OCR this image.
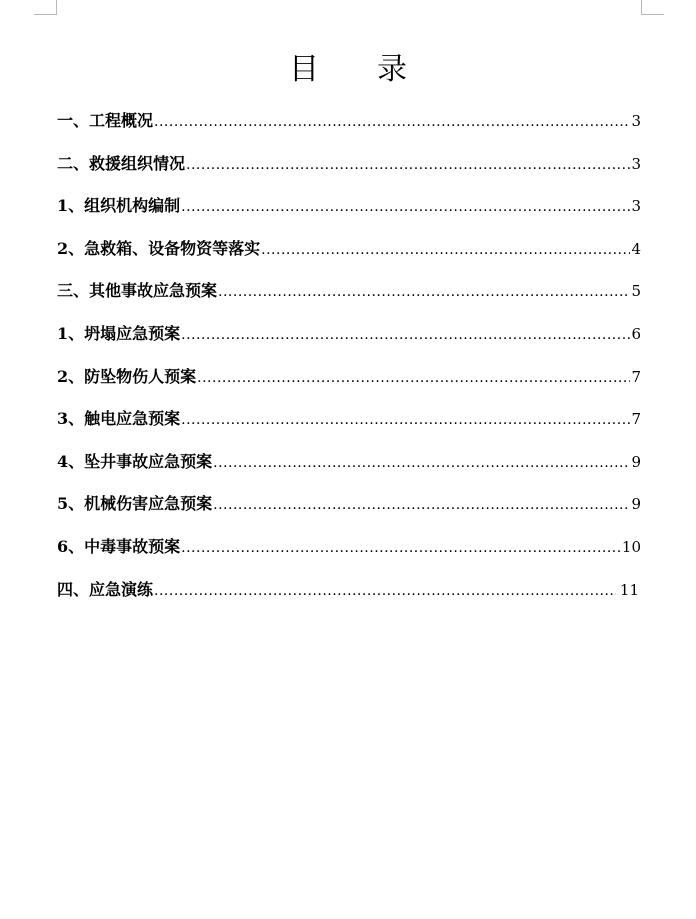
目录
一、工程概况 .....	3
二、救援组织情况 .....	3
1、组织机构编制 .....	3
2、急救箱、设备物资等落实 .....	4
三、其他事故应急预案 .....	5
1、坍塌应急预案 .....	6
2、防坠物伤人预案 .....	7
3、触电应急预案 .....	7
4、坠井事故应急预案 .....	9
5、机械伤害应急预案 .....	9
6、中毒事故预案 .....	10
四、应急演练 .....	11
